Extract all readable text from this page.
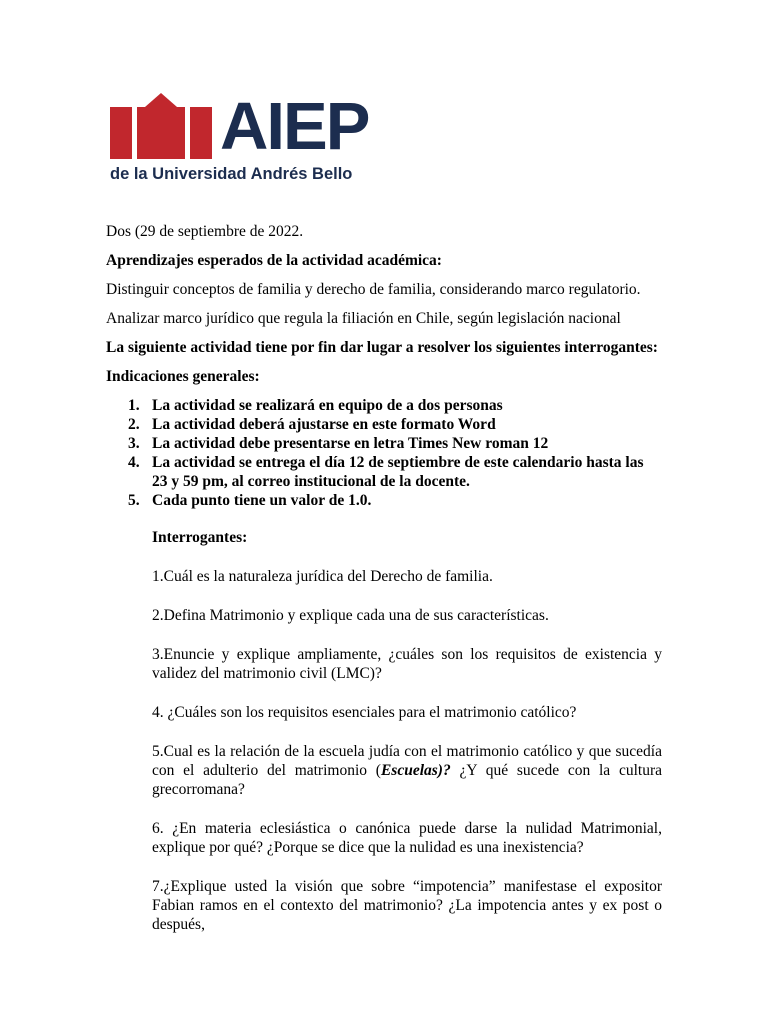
AIEP
de la Universidad Andrés Bello

Dos (29 de septiembre de 2022.

Aprendizajes esperados de la actividad académica:

Distinguir conceptos de familia y derecho de familia, considerando marco regulatorio.

Analizar marco jurídico que regula la filiación en Chile, según legislación nacional

La siguiente actividad tiene por fin dar lugar a resolver los siguientes interrogantes:

Indicaciones generales:

1. La actividad se realizará en equipo de a dos personas
2. La actividad deberá ajustarse en este formato Word
3. La actividad debe presentarse en letra Times New roman 12
4. La actividad se entrega el día 12 de septiembre de este calendario hasta las 23 y 59 pm, al correo institucional de la docente.
5. Cada punto tiene un valor de 1.0.

Interrogantes:

1.Cuál es la naturaleza jurídica del Derecho de familia.

2.Defina Matrimonio y explique cada una de sus características.

3.Enuncie y explique ampliamente, ¿cuáles son los requisitos de existencia y validez del matrimonio civil (LMC)?

4. ¿Cuáles son los requisitos esenciales para el matrimonio católico?

5.Cual es la relación de la escuela judía con el matrimonio católico y que sucedía con el adulterio del matrimonio (Escuelas)? ¿Y qué sucede con la cultura grecorromana?

6. ¿En materia eclesiástica o canónica puede darse la nulidad Matrimonial, explique por qué? ¿Porque se dice que la nulidad es una inexistencia?

7.¿Explique usted la visión que sobre “impotencia” manifestase el expositor Fabian ramos en el contexto del matrimonio? ¿La impotencia antes y ex post o después,
